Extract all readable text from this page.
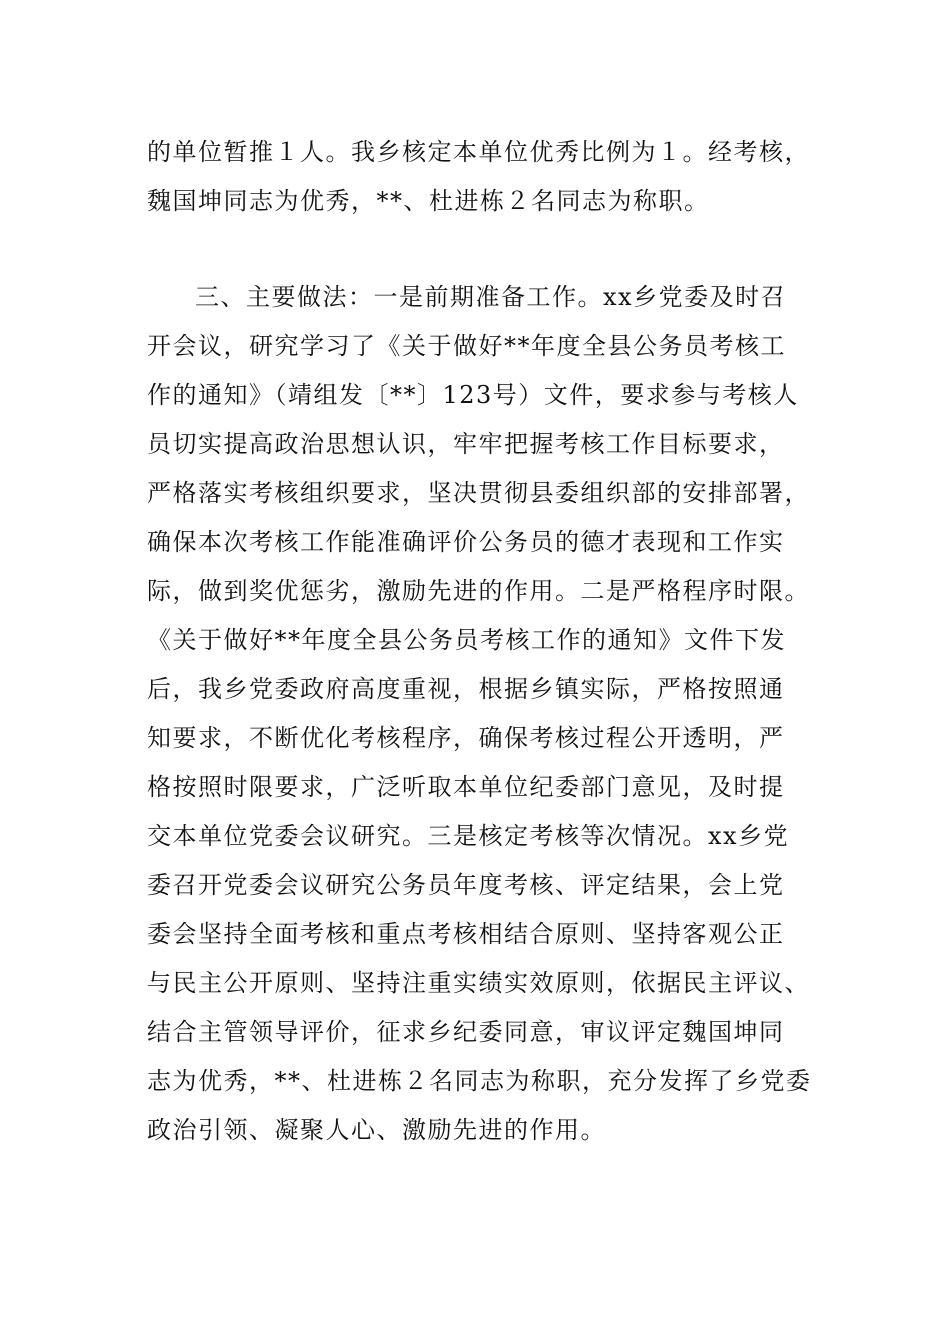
的单位暂推１人。我乡核定本单位优秀比例为１。经考核，
魏国坤同志为优秀，**、杜进栋２名同志为称职。
三、主要做法：一是前期准备工作。xx乡党委及时召
开会议，研究学习了《关于做好**年度全县公务员考核工
作的通知》（靖组发〔**〕123号）文件，要求参与考核人
员切实提高政治思想认识，牢牢把握考核工作目标要求，
严格落实考核组织要求，坚决贯彻县委组织部的安排部署，
确保本次考核工作能准确评价公务员的德才表现和工作实
际，做到奖优惩劣，激励先进的作用。二是严格程序时限。
《关于做好**年度全县公务员考核工作的通知》文件下发
后，我乡党委政府高度重视，根据乡镇实际，严格按照通
知要求，不断优化考核程序，确保考核过程公开透明，严
格按照时限要求，广泛听取本单位纪委部门意见，及时提
交本单位党委会议研究。三是核定考核等次情况。xx乡党
委召开党委会议研究公务员年度考核、评定结果，会上党
委会坚持全面考核和重点考核相结合原则、坚持客观公正
与民主公开原则、坚持注重实绩实效原则，依据民主评议、
结合主管领导评价，征求乡纪委同意，审议评定魏国坤同
志为优秀，**、杜进栋２名同志为称职，充分发挥了乡党委
政治引领、凝聚人心、激励先进的作用。
